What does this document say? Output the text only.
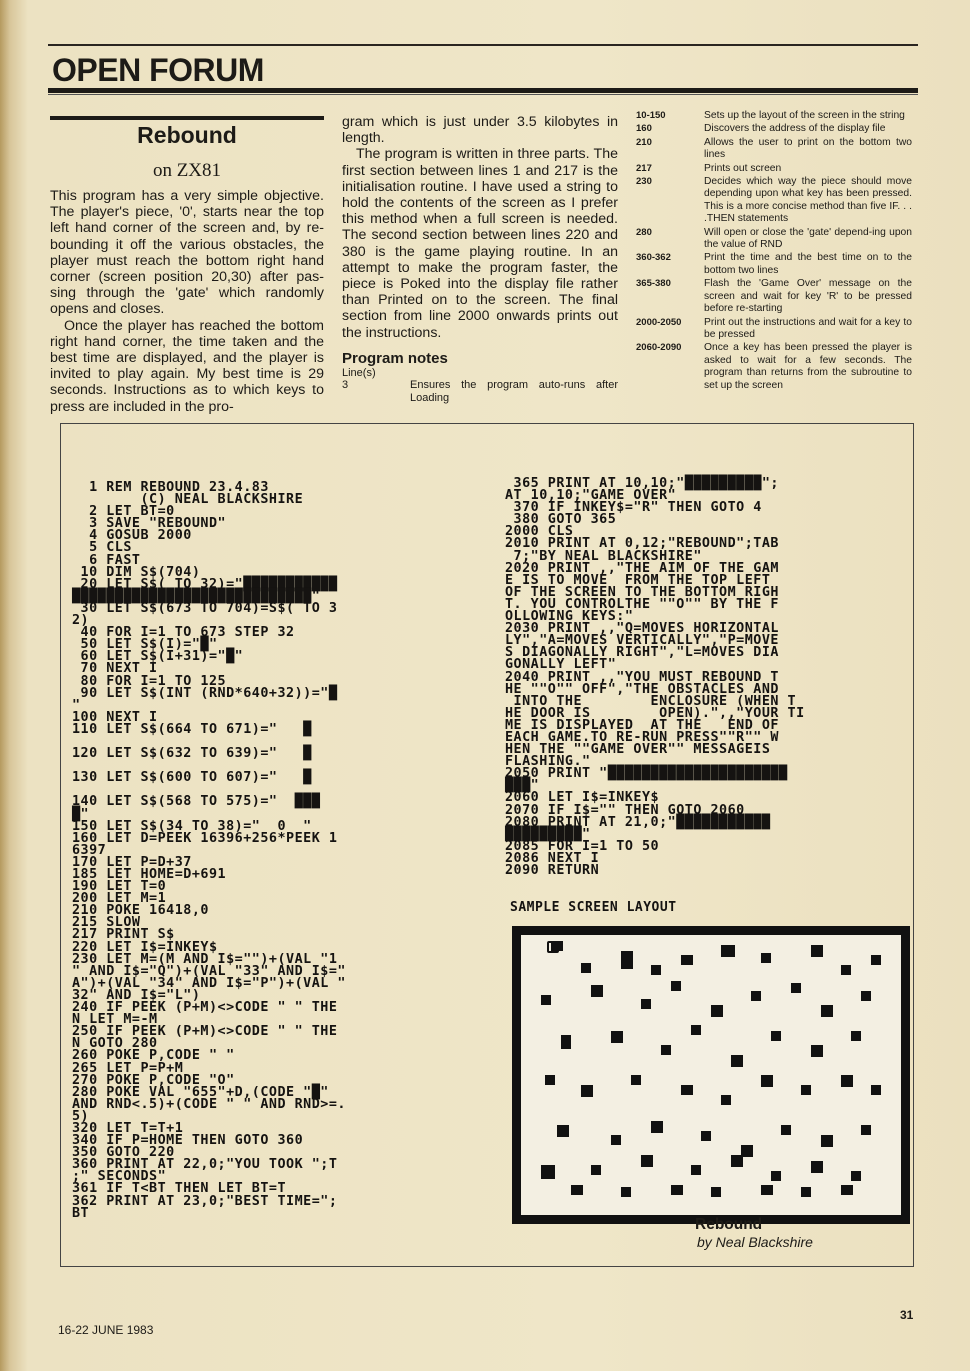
OPEN FORUM
Rebound
on ZX81

This program has a very simple objective. The player's piece, '0', starts near the top left hand corner of the screen and, by re-bounding it off the various obstacles, the player must reach the bottom right hand corner (screen position 20,30) after pas-sing through the 'gate' which randomly opens and closes.

Once the player has reached the bottom right hand corner, the time taken and the best time are displayed, and the player is invited to play again. My best time is 29 seconds. Instructions as to which keys to press are included in the pro-

gram which is just under 3.5 kilobytes in length.

The program is written in three parts. The first section between lines 1 and 217 is the initialisation routine. I have used a string to hold the contents of the screen as I prefer this method when a full screen is needed. The second section between lines 220 and 380 is the game playing routine. In an attempt to make the program faster, the piece is Poked into the display file rather than Printed on to the screen. The final section from line 2000 onwards prints out the instructions.

Program notes

Line(s)

3	Ensures the program auto-runs after Loading
10-150	Sets up the layout of the screen in the string
160	Discovers the address of the display file
210	Allows the user to print on the bottom two lines
217	Prints out screen
230	Decides which way the piece should move depending upon what key has been pressed. This is a more concise method than five IF. . . .THEN statements
280	Will open or close the 'gate' depend-ing upon the value of RND
360-362	Print the time and the best time on to the bottom two lines
365-380	Flash the 'Game Over' message on the screen and wait for key 'R' to be pressed before re-starting
2000-2050	Print out the instructions and wait for a key to be pressed
2060-2090	Once a key has been pressed the player is asked to wait for a few seconds. The program than returns from the subroutine to set up the screen
1 REM REBOUND 23.4.83
(C) NEAL BLACKSHIRE
2 LET BT=0
3 SAVE "REBOUND"
4 GOSUB 2000
5 CLS
6 FAST
10 DIM S$(704)
20 LET S$( TO 32)="███████████
████████████████████████████"
30 LET S$(673 TO 704)=S$( TO 3
2)
40 FOR I=1 TO 673 STEP 32
50 LET S$(I)="█"
60 LET S$(I+31)="█"
70 NEXT I
80 FOR I=1 TO 125
90 LET S$(INT (RND*640+32))="█
"
100 NEXT I
110 LET S$(664 TO 671)="   █

120 LET S$(632 TO 639)="   █

130 LET S$(600 TO 607)="   █

140 LET S$(568 TO 575)="  ███
█"
150 LET S$(34 TO 38)="  0  "
160 LET D=PEEK 16396+256*PEEK 1
6397
170 LET P=D+37
185 LET HOME=D+691
190 LET T=0
200 LET M=1
210 POKE 16418,0
215 SLOW
217 PRINT S$
220 LET I$=INKEY$
230 LET M=(M AND I$="")+(VAL "1
" AND I$="Q")+(VAL "33" AND I$="
A")+(VAL "34" AND I$="P")+(VAL "
32" AND I$="L")
240 IF PEEK (P+M)<>CODE " " THE
N LET M=-M
250 IF PEEK (P+M)<>CODE " " THE
N GOTO 280
260 POKE P,CODE " "
265 LET P=P+M
270 POKE P,CODE "O"
280 POKE VAL "655"+D,(CODE "█"
AND RND<.5)+(CODE " " AND RND>=.
5)
320 LET T=T+1
340 IF P=HOME THEN GOTO 360
350 GOTO 220
360 PRINT AT 22,0;"YOU TOOK ";T
;" SECONDS"
361 IF T<BT THEN LET BT=T
362 PRINT AT 23,0;"BEST TIME=";
BT
365 PRINT AT 10,10;"█████████";
AT 10,10;"GAME OVER"
370 IF INKEY$="R" THEN GOTO 4
380 GOTO 365
2000 CLS
2010 PRINT AT 0,12;"REBOUND";TAB
7;"BY NEAL BLACKSHIRE"
2020 PRINT ,,"THE AIM OF THE GAM
E IS TO MOVE  FROM THE TOP LEFT
OF THE SCREEN TO THE BOTTOM RIGH
T. YOU CONTROLTHE ""O"" BY THE F
OLLOWING KEYS:"
2030 PRINT ,,"Q=MOVES HORIZONTAL
LY","A=MOVES VERTICALLY","P=MOVE
S DIAGONALLY RIGHT","L=MOVES DIA
GONALLY LEFT"
2040 PRINT ,,"YOU MUST REBOUND T
HE ""O"" OFF","THE OBSTACLES AND
INTO THE        ENCLOSURE (WHEN T
HE DOOR IS        OPEN).",,"YOUR TI
ME IS DISPLAYED  AT THE   END OF
EACH GAME.TO RE-RUN PRESS""R"" W
HEN THE ""GAME OVER"" MESSAGEIS
FLASHING."
2050 PRINT "█████████████████████
███"
2060 LET I$=INKEY$
2070 IF I$="" THEN GOTO 2060
2080 PRINT AT 21,0;"███████████
█████████"
2085 FOR I=1 TO 50
2086 NEXT I
2090 RETURN
SAMPLE SCREEN LAYOUT
Rebound
by Neal Blackshire
16-22 JUNE 1983
31
